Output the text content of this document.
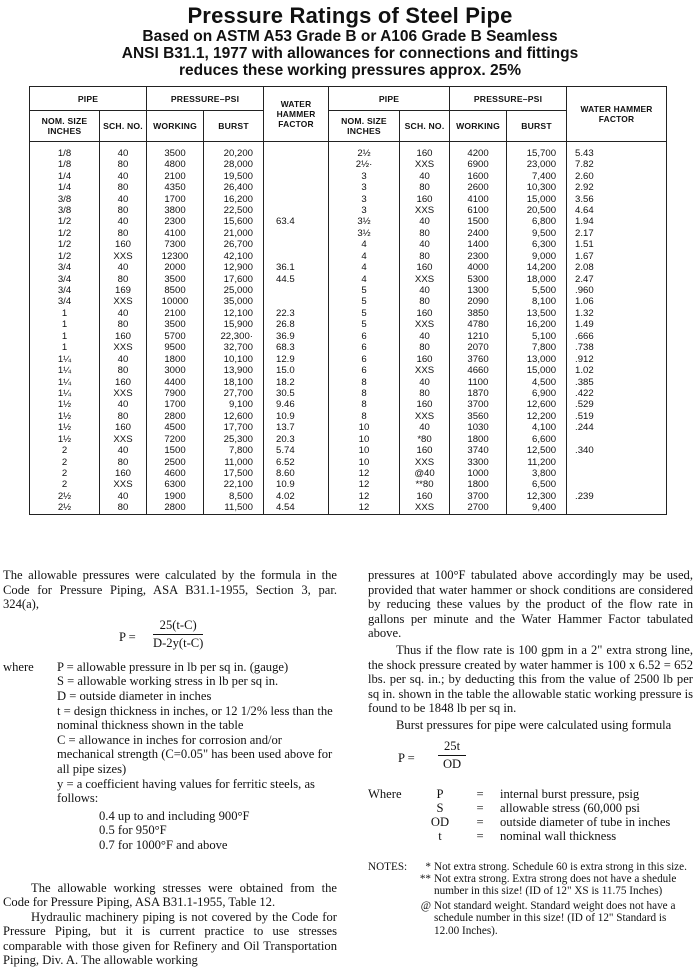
Pressure Ratings of Steel Pipe
Based on ASTM A53 Grade B or A106 Grade B Seamless
ANSI B31.1, 1977 with allowances for connections and fittings
reduces these working pressures approx. 25%
PIPE		PRESSURE–PSI		WATER HAMMER FACTOR	PIPE		PRESSURE–PSI		WATER HAMMER FACTOR
NOM. SIZE INCHES	SCH. NO.	WORKING	BURST		NOM. SIZE INCHES	SCH. NO.	WORKING	BURST	
1/8	40	3500	20,200		2½	160	4200	15,700	5.43
1/8	80	4800	28,000		2½·	XXS	6900	23,000	7.82
1/4	40	2100	19,500		3	40	1600	7,400	2.60
1/4	80	4350	26,400		3	80	2600	10,300	2.92
3/8	40	1700	16,200		3	160	4100	15,000	3.56
3/8	80	3800	22,500		3	XXS	6100	20,500	4.64
1/2	40	2300	15,600	63.4	3½	40	1500	6,800	1.94
1/2	80	4100	21,000		3½	80	2400	9,500	2.17
1/2	160	7300	26,700		4	40	1400	6,300	1.51
1/2	XXS	12300	42,100		4	80	2300	9,000	1.67
3/4	40	2000	12,900	36.1	4	160	4000	14,200	2.08
3/4	80	3500	17,600	44.5	4	XXS	5300	18,000	2.47
3/4	169	8500	25,000		5	40	1300	5,500	.960
3/4	XXS	10000	35,000		5	80	2090	8,100	1.06
1	40	2100	12,100	22.3	5	160	3850	13,500	1.32
1	80	3500	15,900	26.8	5	XXS	4780	16,200	1.49
1	160	5700	22,300·	36.9	6	40	1210	5,100	.666
1	XXS	9500	32,700	68.3	6	80	2070	7,800	.738
1¼	40	1800	10,100	12.9	6	160	3760	13,000	.912
1¼	80	3000	13,900	15.0	6	XXS	4660	15,000	1.02
1¼	160	4400	18,100	18.2	8	40	1100	4,500	.385
1¼	XXS	7900	27,700	30.5	8	80	1870	6,900	.422
1½	40	1700	9,100	9.46	8	160	3700	12,600	.529
1½	80	2800	12,600	10.9	8	XXS	3560	12,200	.519
1½	160	4500	17,700	13.7	10	40	1030	4,100	.244
1½	XXS	7200	25,300	20.3	10	*80	1800	6,600	
2	40	1500	7,800	5.74	10	160	3740	12,500	.340
2	80	2500	11,000	6.52	10	XXS	3300	11,200	
2	160	4600	17,500	8.60	12	@40	1000	3,800	
2	XXS	6300	22,100	10.9	12	**80	1800	6,500	
2½	40	1900	8,500	4.02	12	160	3700	12,300	.239
2½	80	2800	11,500	4.54	12	XXS	2700	9,400	
The allowable pressures were calculated by the formula in the Code for Pressure Piping, ASA B31.1-1955, Section 3, par. 324(a),
$P = \frac{25(t-C)}{D-2y(t-C)}$
where	P = allowable pressure in lb per sq in. (gauge)
S = allowable working stress in lb per sq in.
D = outside diameter in inches
t = design thickness in inches, or 12 1/2% less than the nominal thickness shown in the table
C = allowance in inches for corrosion and/or mechanical strength (C=0.05" has been used above for all pipe sizes)
y = a coefficient having values for ferritic steels, as follows:
0.4 up to and including 900°F
0.5 for 950°F
0.7 for 1000°F and above
The allowable working stresses were obtained from the Code for Pressure Piping, ASA B31.1-1955, Table 12.
Hydraulic machinery piping is not covered by the Code for Pressure Piping, but it is current practice to use stresses comparable with those given for Refinery and Oil Transportation Piping, Div. A. The allowable working
pressures at 100°F tabulated above accordingly may be used, provided that water hammer or shock conditions are considered by reducing these values by the product of the flow rate in gallons per minute and the Water Hammer Factor tabulated above.
Thus if the flow rate is 100 gpm in a 2" extra strong line, the shock pressure created by water hammer is 100 x 6.52 = 652 lbs. per sq. in.; by deducting this from the value of 2500 lb per sq in. shown in the table the allowable static working pressure is found to be 1848 lb per sq in.
Burst pressures for pipe were calculated using formula
$P = \frac{25t}{OD}$
Where	P	=	internal burst pressure, psig
S	=	allowable stress (60,000 psi
OD	=	outside diameter of tube in inches
t	=	nominal wall thickness
NOTES:	* Not extra strong. Schedule 60 is extra strong in this size.
** Not extra strong. Extra strong does not have a shedule number in this size! (ID of 12" XS is 11.75 Inches)
@ Not standard weight. Standard weight does not have a schedule number in this size! (ID of 12" Standard is 12.00 Inches).
